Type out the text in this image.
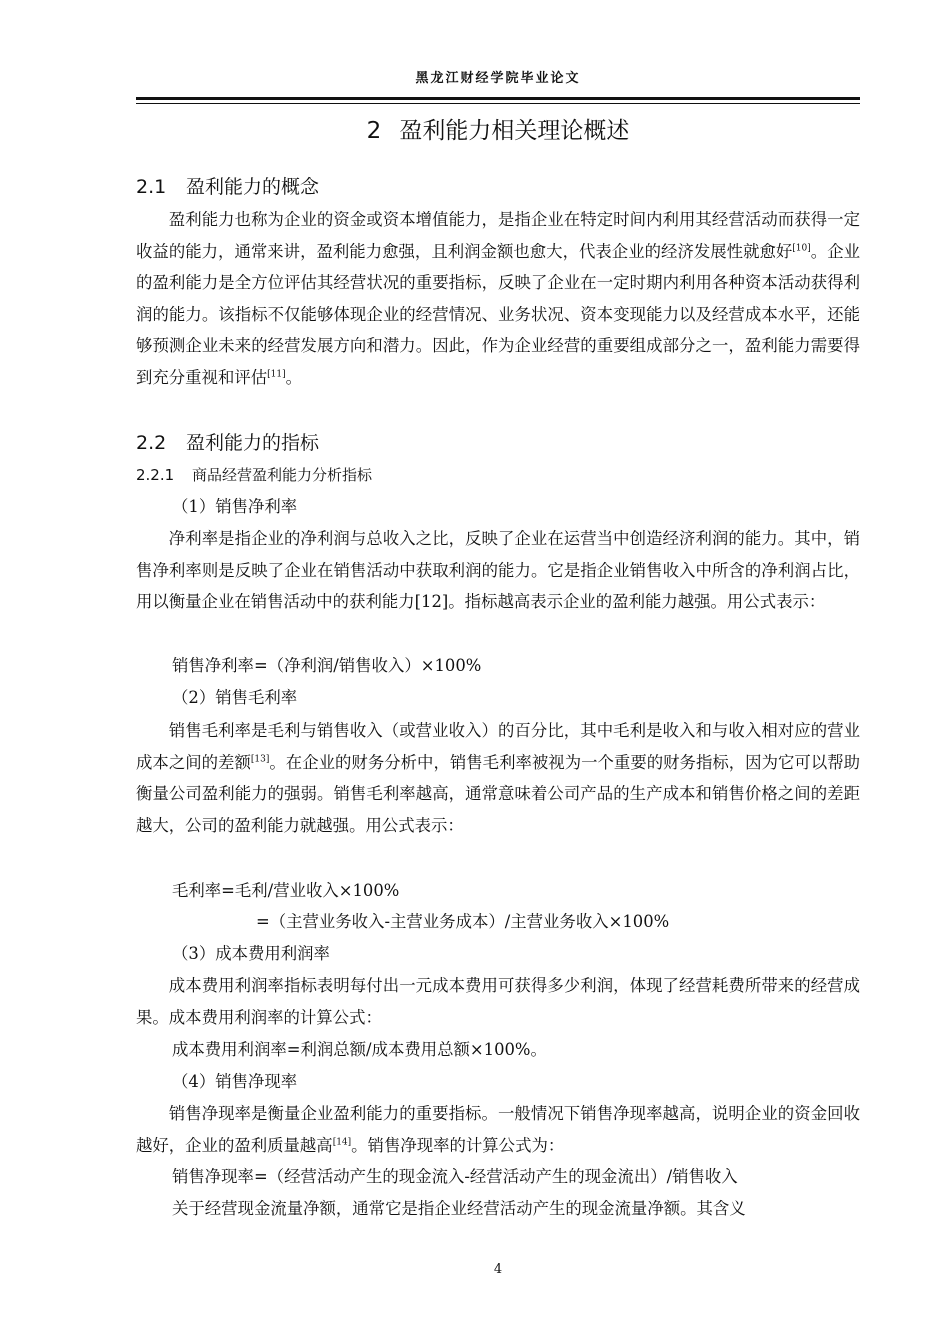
黑龙江财经学院毕业论文
2 盈利能力相关理论概述
2.1 盈利能力的概念

盈利能力也称为企业的资金或资本增值能力，是指企业在特定时间内利用其经营活动而获得一定收益的能力，通常来讲，盈利能力愈强，且利润金额也愈大，代表企业的经济发展性就愈好[10]。企业的盈利能力是全方位评估其经营状况的重要指标，反映了企业在一定时期内利用各种资本活动获得利润的能力。该指标不仅能够体现企业的经营情况、业务状况、资本变现能力以及经营成本水平，还能够预测企业未来的经营发展方向和潜力。因此，作为企业经营的重要组成部分之一，盈利能力需要得到充分重视和评估[11]。

2.2 盈利能力的指标
2.2.1 商品经营盈利能力分析指标
（1）销售净利率

净利率是指企业的净利润与总收入之比，反映了企业在运营当中创造经济利润的能力。其中，销售净利率则是反映了企业在销售活动中获取利润的能力。它是指企业销售收入中所含的净利润占比，用以衡量企业在销售活动中的获利能力[12]。指标越高表示企业的盈利能力越强。用公式表示：

销售净利率=（净利润/销售收入）×100%
（2）销售毛利率

销售毛利率是毛利与销售收入（或营业收入）的百分比，其中毛利是收入和与收入相对应的营业成本之间的差额[13]。在企业的财务分析中，销售毛利率被视为一个重要的财务指标，因为它可以帮助衡量公司盈利能力的强弱。销售毛利率越高，通常意味着公司产品的生产成本和销售价格之间的差距越大，公司的盈利能力就越强。用公式表示：

毛利率=毛利/营业收入×100%
=（主营业务收入-主营业务成本）/主营业务收入×100%
（3）成本费用利润率

成本费用利润率指标表明每付出一元成本费用可获得多少利润，体现了经营耗费所带来的经营成果。成本费用利润率的计算公式：

成本费用利润率=利润总额/成本费用总额×100%。
（4）销售净现率

销售净现率是衡量企业盈利能力的重要指标。一般情况下销售净现率越高，说明企业的资金回收越好，企业的盈利质量越高[14]。销售净现率的计算公式为：

销售净现率=（经营活动产生的现金流入-经营活动产生的现金流出）/销售收入
关于经营现金流量净额，通常它是指企业经营活动产生的现金流量净额。其含义
4
